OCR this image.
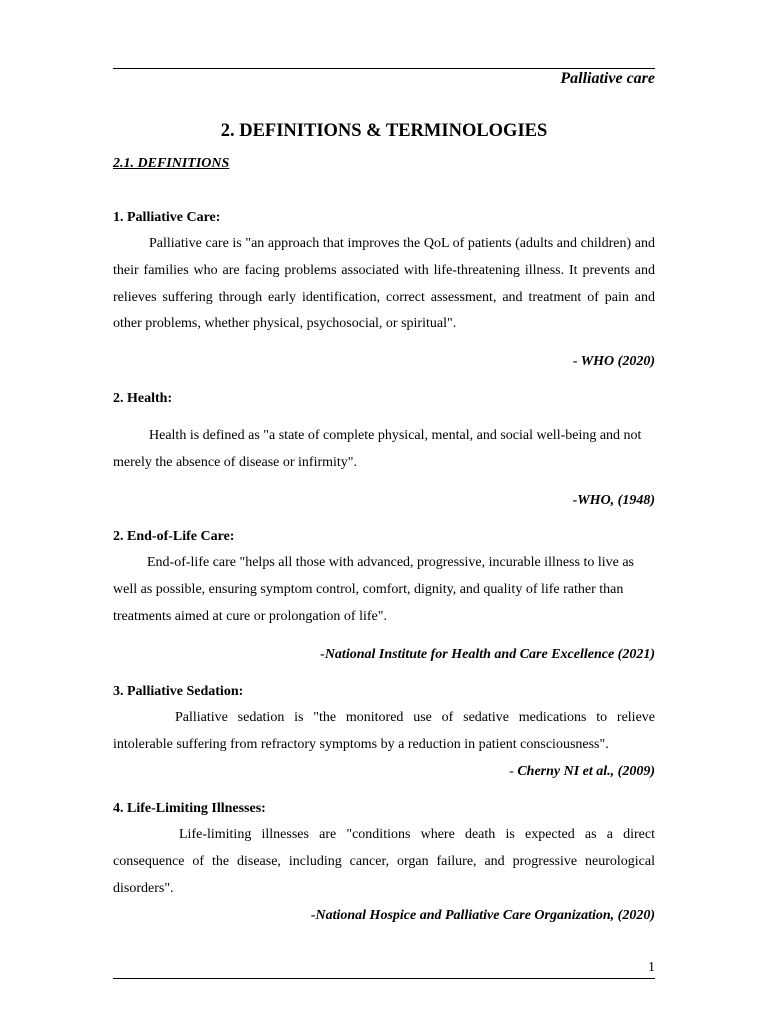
Palliative care
2. DEFINITIONS & TERMINOLOGIES
2.1. DEFINITIONS
1. Palliative Care:

Palliative care is "an approach that improves the QoL of patients (adults and children) and their families who are facing problems associated with life-threatening illness. It prevents and relieves suffering through early identification, correct assessment, and treatment of pain and other problems, whether physical, psychosocial, or spiritual".

- WHO (2020)
2. Health:

Health is defined as "a state of complete physical, mental, and social well-being and not merely the absence of disease or infirmity".

-WHO, (1948)
2. End-of-Life Care:

End-of-life care "helps all those with advanced, progressive, incurable illness to live as well as possible, ensuring symptom control, comfort, dignity, and quality of life rather than treatments aimed at cure or prolongation of life".

-National Institute for Health and Care Excellence (2021)
3. Palliative Sedation:

Palliative sedation is "the monitored use of sedative medications to relieve intolerable suffering from refractory symptoms by a reduction in patient consciousness".

- Cherny NI et al., (2009)
4. Life-Limiting Illnesses:

Life-limiting illnesses are "conditions where death is expected as a direct consequence of the disease, including cancer, organ failure, and progressive neurological disorders".

-National Hospice and Palliative Care Organization, (2020)
1
